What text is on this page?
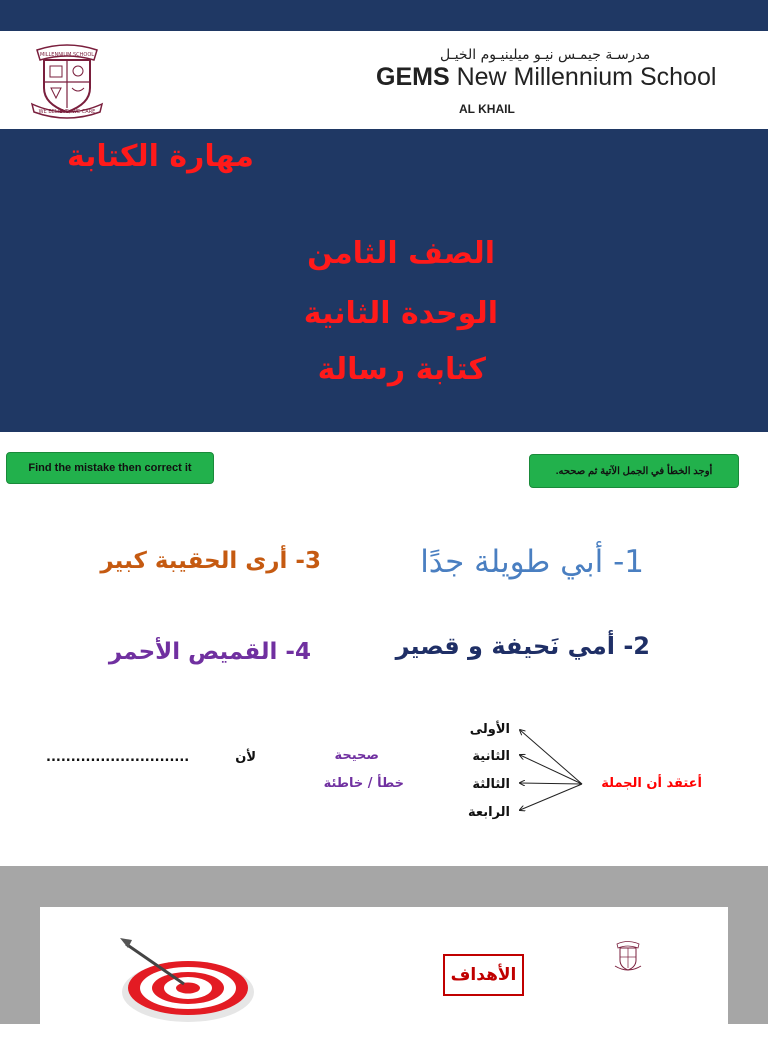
MILLENNIUM SCHOOL
WE BELIEVE, WE CARE
مدرسـة جيمـس نيـو ميلينيـوم الخيـل
GEMS New Millennium School
AL KHAIL
مهارة الكتابة
الصف الثامن
الوحدة الثانية
كتابة رسالة
Find the mistake then correct it	أوجد الخطأ في الجمل الآتية ثم صححه.
1- أبي طويلة جدًا
2- أمي نَحيفة و قصير
3- أرى الحقيبة كبير
4- القميص الأحمر
الأولى
الثانية
الثالثة
الرابعة
أعتقد أن الجملة
صحيحة
خطأ / خاطئة
لأن
.............................
الأهداف
